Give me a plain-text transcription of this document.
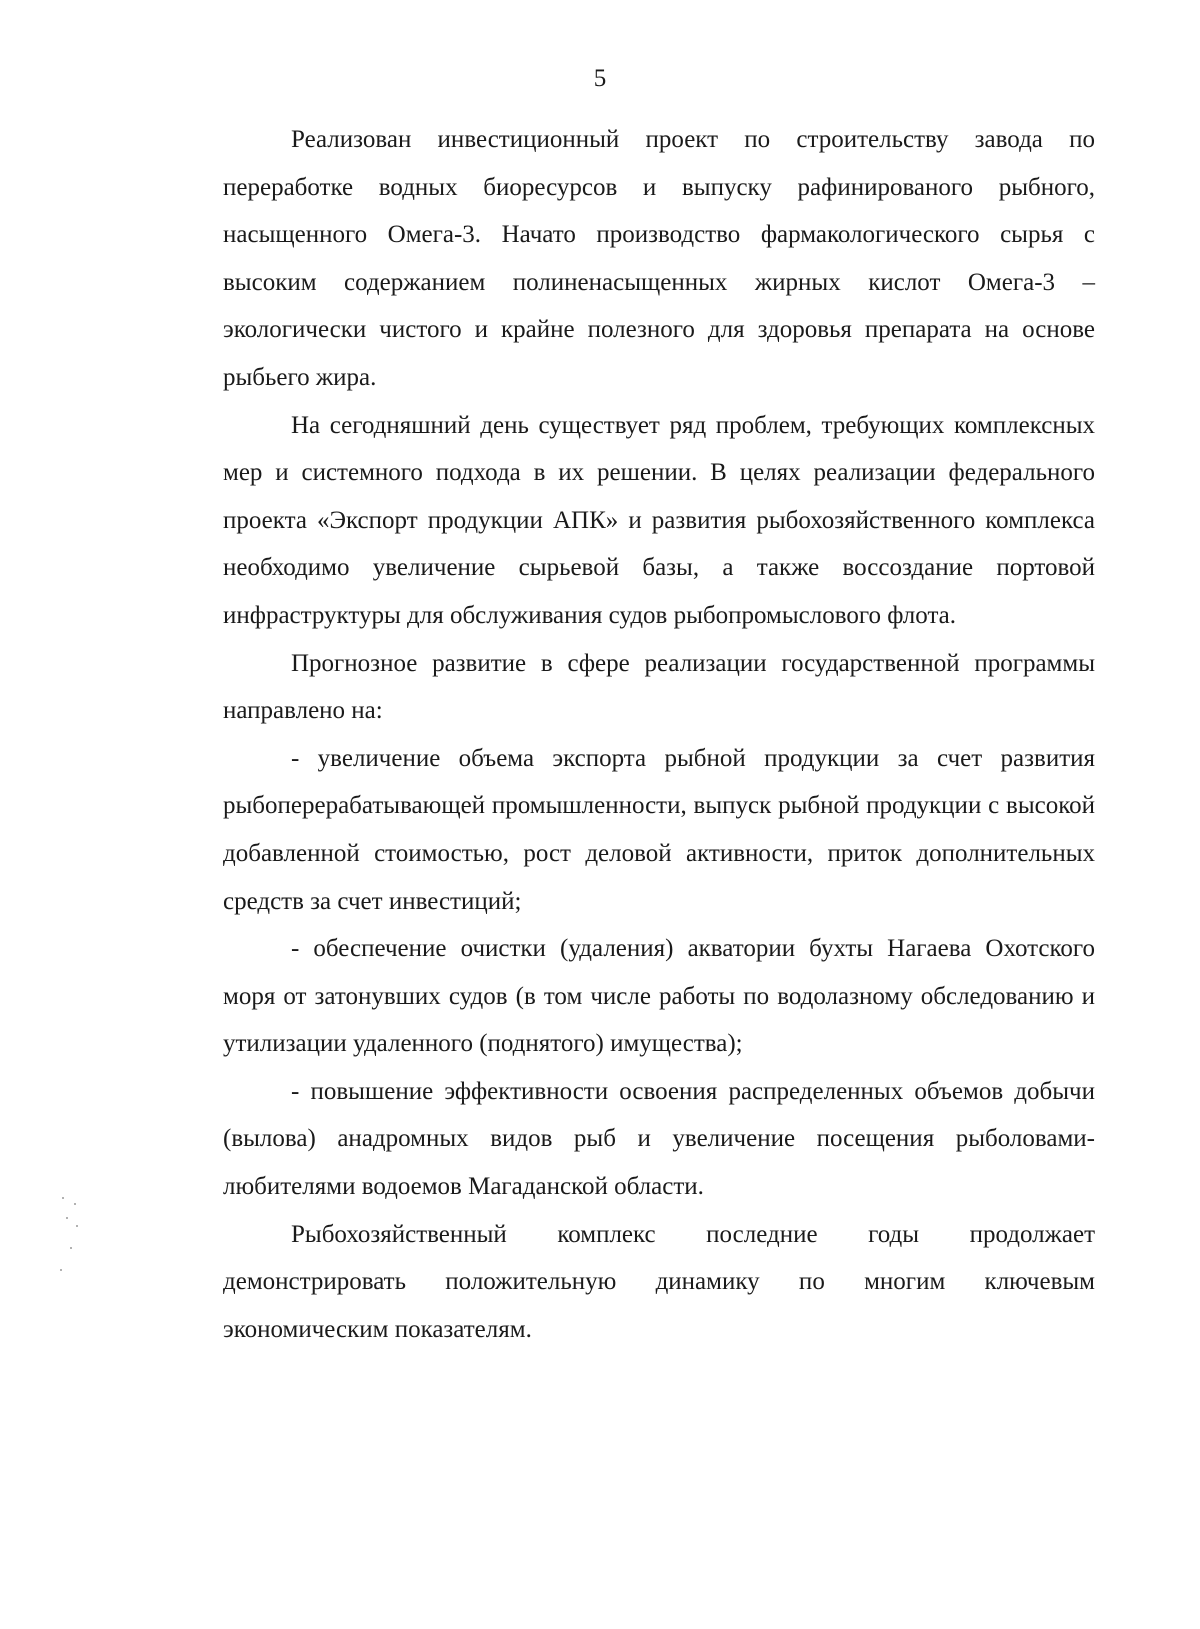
5

Реализован инвестиционный проект по строительству завода по переработке водных биоресурсов и выпуску рафинированого рыбного, насыщенного Омега-3. Начато производство фармакологического сырья с высоким содержанием полиненасыщенных жирных кислот Омега-3 – экологически чистого и крайне полезного для здоровья препарата на основе рыбьего жира.

На сегодняшний день существует ряд проблем, требующих комплексных мер и системного подхода в их решении. В целях реализации федерального проекта «Экспорт продукции АПК» и развития рыбохозяйственного комплекса необходимо увеличение сырьевой базы, а также воссоздание портовой инфраструктуры для обслуживания судов рыбопромыслового флота.

Прогнозное развитие в сфере реализации государственной программы направлено на:

- увеличение объема экспорта рыбной продукции за счет развития рыбоперерабатывающей промышленности, выпуск рыбной продукции с высокой добавленной стоимостью, рост деловой активности, приток дополнительных средств за счет инвестиций;

- обеспечение очистки (удаления) акватории бухты Нагаева Охотского моря от затонувших судов (в том числе работы по водолазному обследованию и утилизации удаленного (поднятого) имущества);

- повышение эффективности освоения распределенных объемов добычи (вылова) анадромных видов рыб и увеличение посещения рыболовами-любителями водоемов Магаданской области.

Рыбохозяйственный комплекс последние годы продолжает демонстрировать положительную динамику по многим ключевым экономическим показателям.
